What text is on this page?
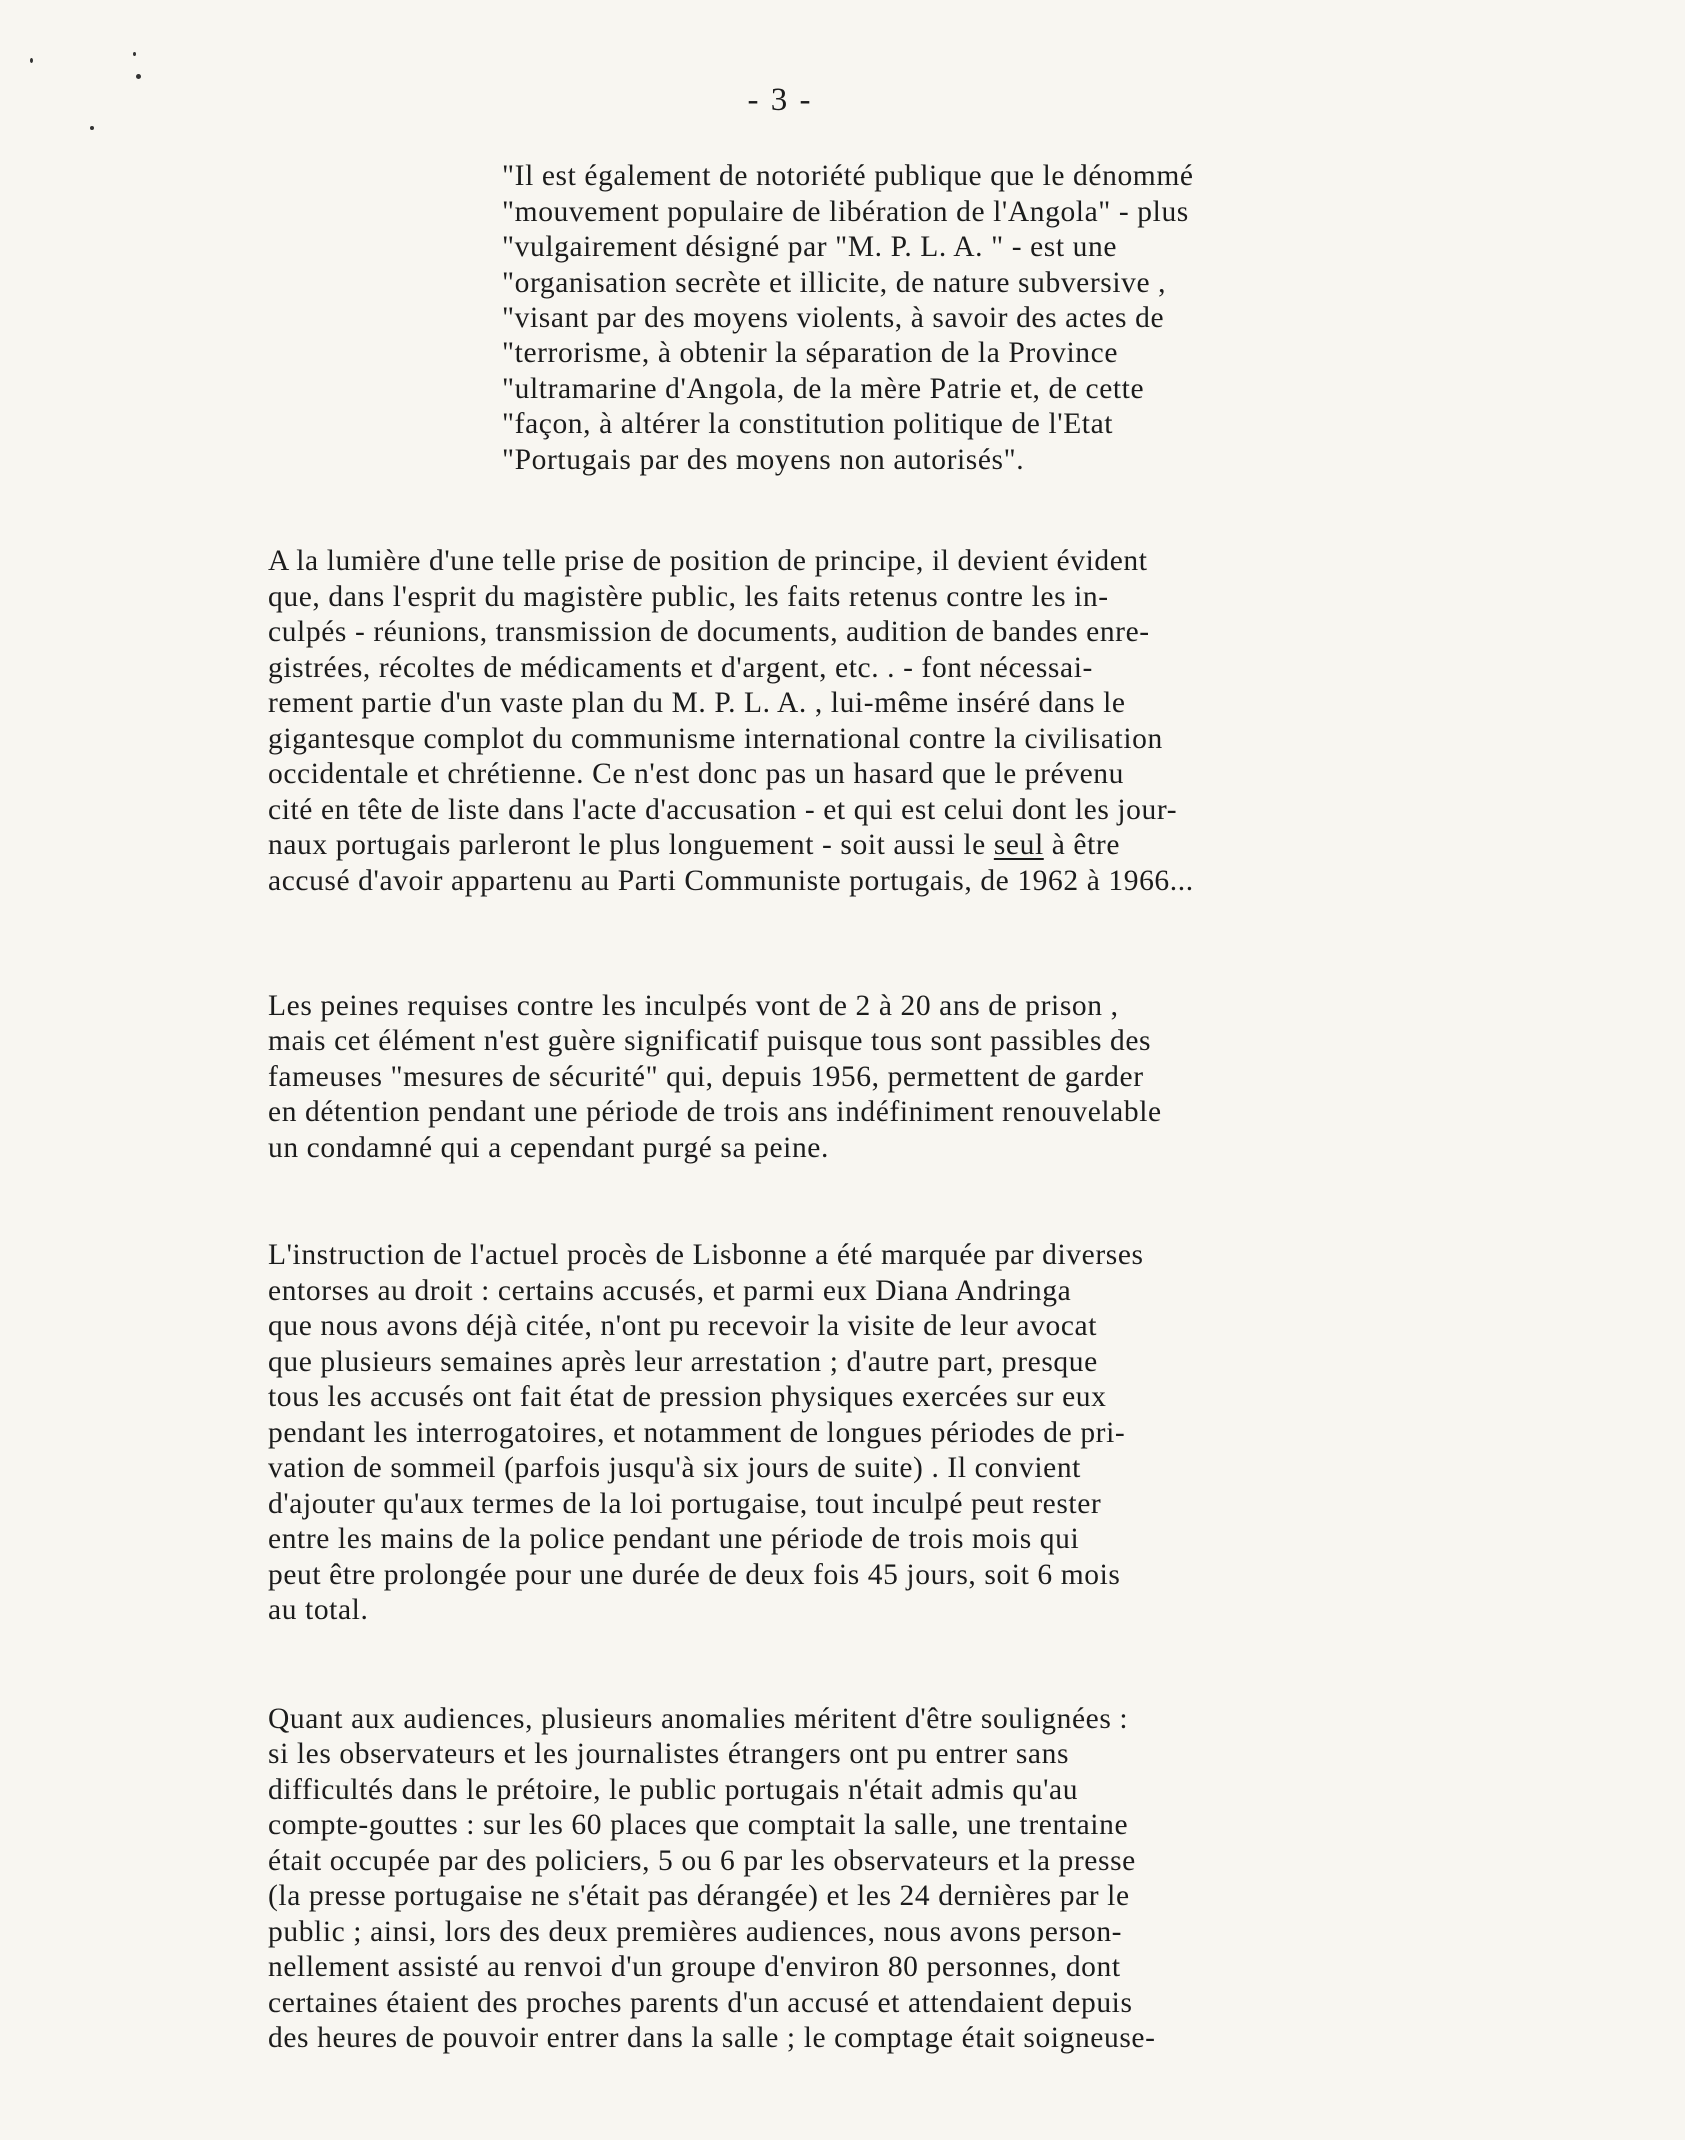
- 3 -
"Il est également de notoriété publique que le dénommé
"mouvement populaire de libération de l'Angola" - plus
"vulgairement désigné par "M. P. L. A. " - est une
"organisation secrète et illicite, de nature subversive ,
"visant par des moyens violents, à savoir des actes de
"terrorisme, à obtenir la séparation de la Province
"ultramarine d'Angola, de la mère Patrie et, de cette
"façon, à altérer la constitution politique de l'Etat
"Portugais par des moyens non autorisés".
A la lumière d'une telle prise de position de principe, il devient évident
que, dans l'esprit du magistère public, les faits retenus contre les in-
culpés - réunions, transmission de documents, audition de bandes enre-
gistrées, récoltes de médicaments et d'argent, etc. . - font nécessai-
rement partie d'un vaste plan du M. P. L. A. , lui-même inséré dans le
gigantesque complot du communisme international contre la civilisation
occidentale et chrétienne. Ce n'est donc pas un hasard que le prévenu
cité en tête de liste dans l'acte d'accusation - et qui est celui dont les jour-
naux portugais parleront le plus longuement - soit aussi le seul à être
accusé d'avoir appartenu au Parti Communiste portugais, de 1962 à 1966...
Les peines requises contre les inculpés vont de 2 à 20 ans de prison ,
mais cet élément n'est guère significatif puisque tous sont passibles des
fameuses "mesures de sécurité" qui, depuis 1956, permettent de garder
en détention pendant une période de trois ans indéfiniment renouvelable
un condamné qui a cependant purgé sa peine.
L'instruction de l'actuel procès de Lisbonne a été marquée par diverses
entorses au droit : certains accusés, et parmi eux Diana Andringa
que nous avons déjà citée, n'ont pu recevoir la visite de leur avocat
que plusieurs semaines après leur arrestation ; d'autre part, presque
tous les accusés ont fait état de pression physiques exercées sur eux
pendant les interrogatoires, et notamment de longues périodes de pri-
vation de sommeil (parfois jusqu'à six jours de suite) . Il convient
d'ajouter qu'aux termes de la loi portugaise, tout inculpé peut rester
entre les mains de la police pendant une période de trois mois qui
peut être prolongée pour une durée de deux fois 45 jours, soit 6 mois
au total.
Quant aux audiences, plusieurs anomalies méritent d'être soulignées :
si les observateurs et les journalistes étrangers ont pu entrer sans
difficultés dans le prétoire, le public portugais n'était admis qu'au
compte-gouttes : sur les 60 places que comptait la salle, une trentaine
était occupée par des policiers, 5 ou 6 par les observateurs et la presse
(la presse portugaise ne s'était pas dérangée) et les 24 dernières par le
public ; ainsi, lors des deux premières audiences, nous avons person-
nellement assisté au renvoi d'un groupe d'environ 80 personnes, dont
certaines étaient des proches parents d'un accusé et attendaient depuis
des heures de pouvoir entrer dans la salle ; le comptage était soigneuse-
